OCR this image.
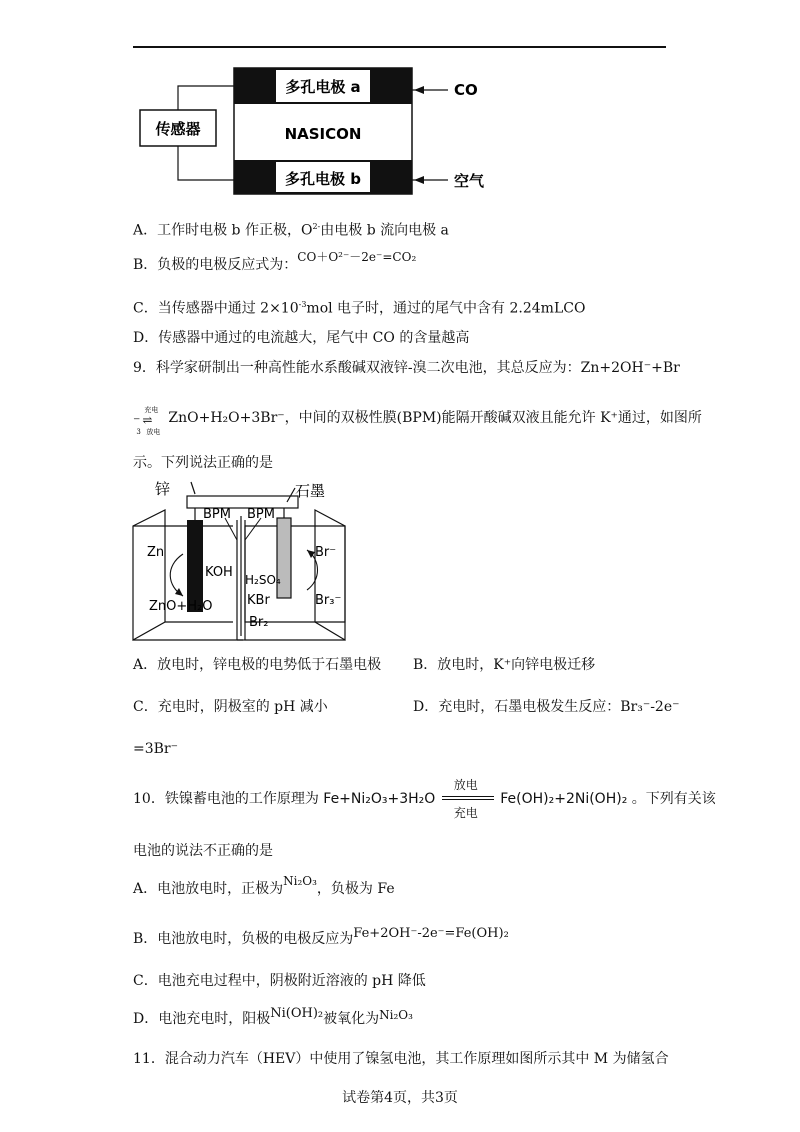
传感器
多孔电极 a
NASICON
多孔电极 b
CO
空气
A．工作时电极 b 作正极，$O^{2-}$由电极 b 流向电极 a
B．负极的电极反应式为：CO＋O²⁻－2e⁻=CO₂
C．当传感器中通过 $2\times 10^{-3}mol$ 电子时，通过的尾气中含有 2.24mLCO
D．传感器中通过的电流越大，尾气中 CO 的含量越高
9．科学家研制出一种高性能水系酸碱双液锌-溴二次电池，其总反应为：Zn+2OH⁻+Br
⁻
充电
⇌
放电
3
ZnO+H₂O+3Br⁻，中间的双极性膜(BPM)能隔开酸碱双液且能允许 K⁺通过，如图所
示。下列说法正确的是
锌	石墨
BPM BPM
Zn
KOH
ZnO+H₂O
H₂SO₄
KBr
Br₂
Br⁻
Br₃⁻
A．放电时，锌电极的电势低于石墨电极 B．放电时，K⁺向锌电极迁移
C．充电时，阴极室的 pH 减小	D．充电时，石墨电极发生反应：Br₃⁻-2e⁻
=3Br⁻
10．铁镍蓄电池的工作原理为 Fe+Ni₂O₃+3H₂O
放电
充电
Fe(OH)₂+2Ni(OH)₂ 。下列有关该
电池的说法不正确的是
A．电池放电时，正极为Ni₂O₃，负极为 Fe
B．电池放电时，负极的电极反应为Fe+2OH⁻-2e⁻=Fe(OH)₂
C．电池充电过程中，阴极附近溶液的 pH 降低
D．电池充电时，阳极Ni(OH)₂被氧化为Ni₂O₃
11．混合动力汽车（HEV）中使用了镍氢电池，其工作原理如图所示其中 M 为储氢合
试卷第4页，共3页
